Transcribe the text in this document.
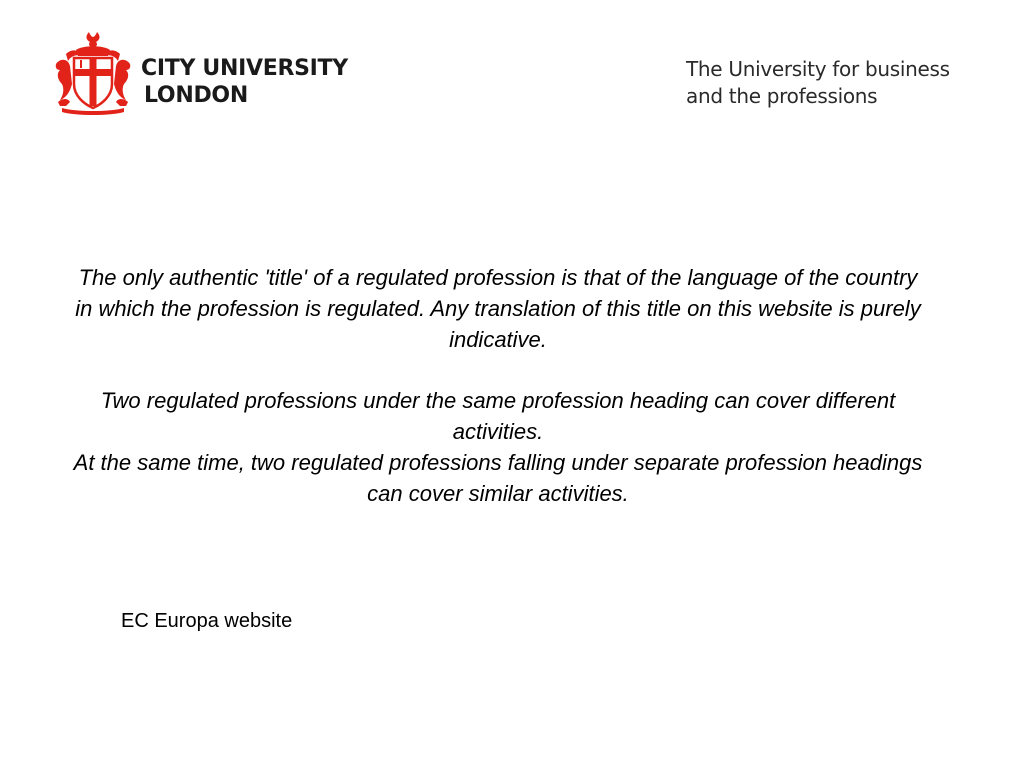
CITY UNIVERSITY
LONDON
The University for business
and the professions
The only authentic 'title' of a regulated profession is that of the language of the country in which the profession is regulated. Any translation of this title on this website is purely indicative.
Two regulated professions under the same profession heading can cover different activities.
At the same time, two regulated professions falling under separate profession headings can cover similar activities.
EC Europa website
